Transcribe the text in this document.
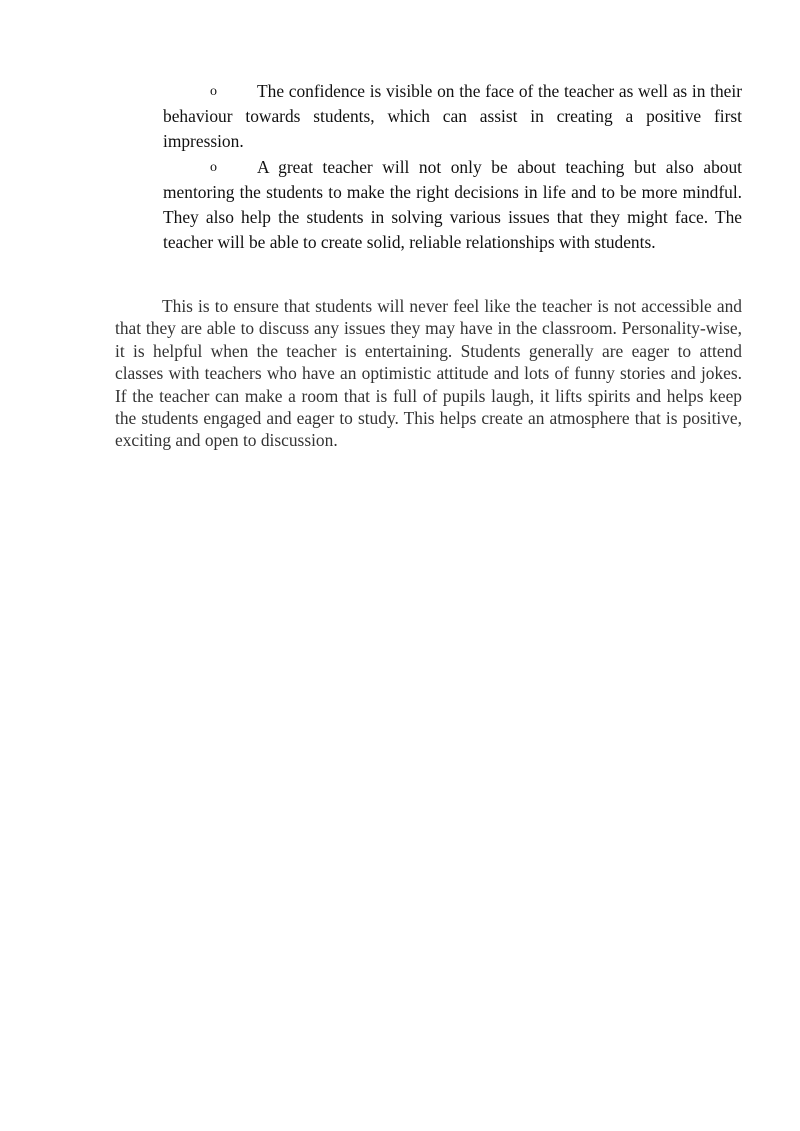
o The confidence is visible on the face of the teacher as well as in their behaviour towards students, which can assist in creating a positive first impression.
o A great teacher will not only be about teaching but also about mentoring the students to make the right decisions in life and to be more mindful. They also help the students in solving various issues that they might face. The teacher will be able to create solid, reliable relationships with students.

This is to ensure that students will never feel like the teacher is not accessible and that they are able to discuss any issues they may have in the classroom. Personality-wise, it is helpful when the teacher is entertaining. Students generally are eager to attend classes with teachers who have an optimistic attitude and lots of funny stories and jokes. If the teacher can make a room that is full of pupils laugh, it lifts spirits and helps keep the students engaged and eager to study. This helps create an atmosphere that is positive, exciting and open to discussion.
